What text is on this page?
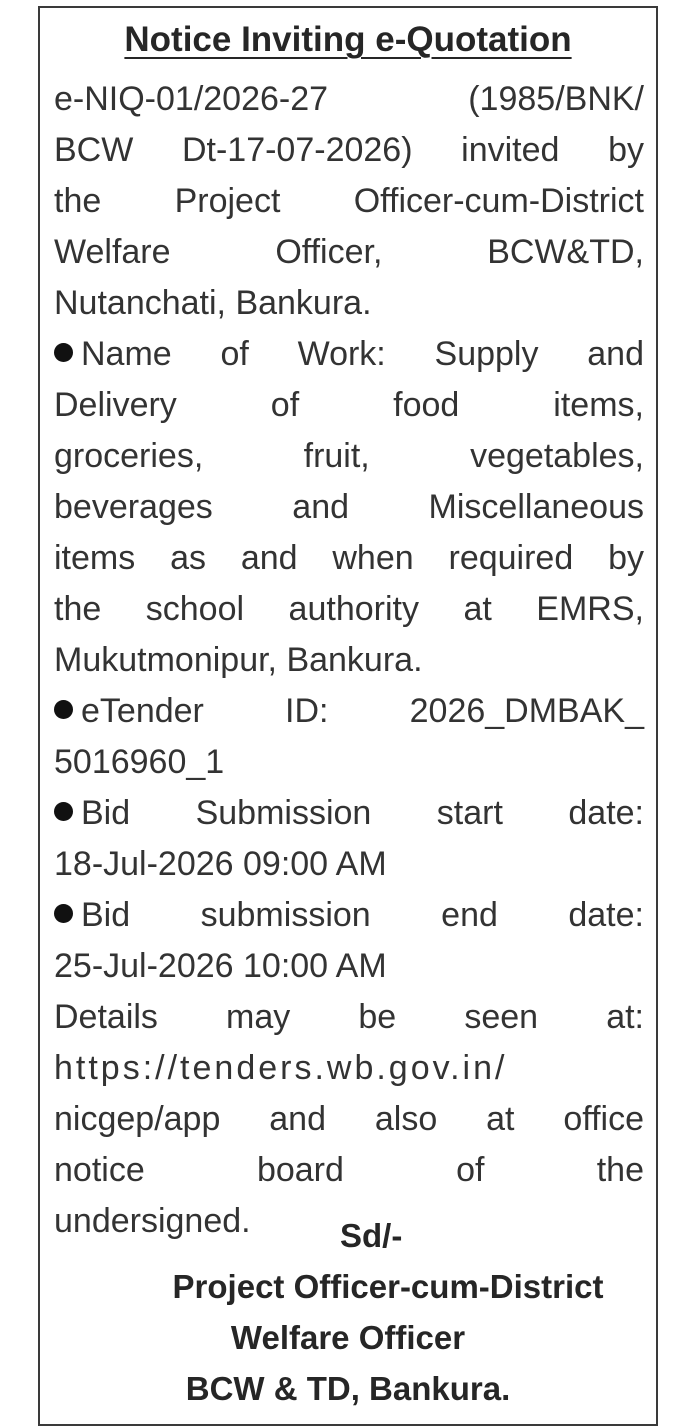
Notice Inviting e-Quotation
e-NIQ-01/2026-27 (1985/BNK/
BCW Dt-17-07-2026) invited by
the Project Officer-cum-District
Welfare Officer, BCW&TD,
Nutanchati, Bankura.
Name of Work: Supply and
Delivery of food items,
groceries, fruit, vegetables,
beverages and Miscellaneous
items as and when required by
the school authority at EMRS,
Mukutmonipur, Bankura.
eTender ID: 2026_DMBAK_
5016960_1
Bid Submission start date:
18-Jul-2026 09:00 AM
Bid submission end date:
25-Jul-2026 10:00 AM
Details may be seen at:
https://tenders.wb.gov.in/
nicgep/app and also at office
notice board of the
undersigned.	Sd/-
Project Officer-cum-District
Welfare Officer
BCW & TD, Bankura.
